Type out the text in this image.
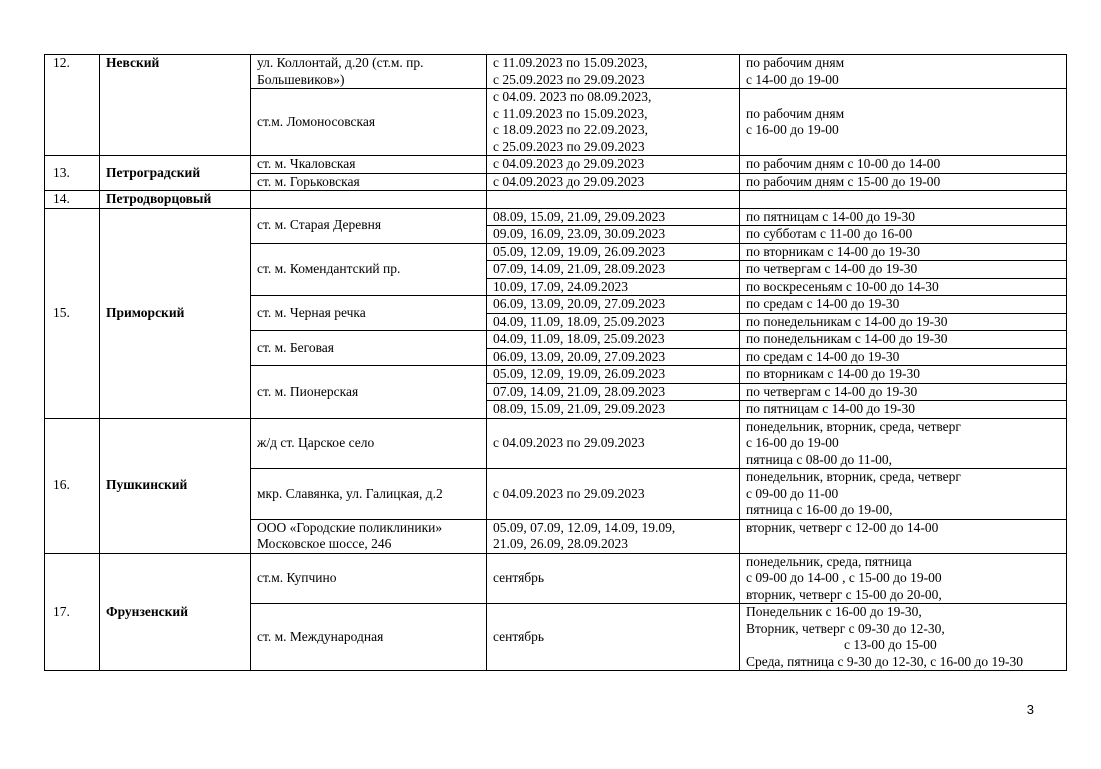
12.	Невский	ул. Коллонтай, д.20 (ст.м. пр.
Большевиков»)	с 11.09.2023 по 15.09.2023,
с 25.09.2023 по 29.09.2023	по рабочим дням
с 14-00 до 19-00

		ст.м. Ломоносовская	с 04.09. 2023 по 08.09.2023,
с 11.09.2023 по 15.09.2023,
с 18.09.2023 по 22.09.2023,
с 25.09.2023 по 29.09.2023	по рабочим дням
с 16-00 до 19-00

13.	Петроградский	ст. м. Чкаловская	с 04.09.2023 до 29.09.2023	по рабочим дням с 10-00 до 14-00
		ст. м. Горьковская	с 04.09.2023 до 29.09.2023	по рабочим дням с 15-00 до 19-00
14.	Петродворцовый			
15.	Приморский	ст. м. Старая Деревня	08.09, 15.09, 21.09, 29.09.2023	по пятницам с 14-00 до 19-30
			09.09, 16.09, 23.09, 30.09.2023	по субботам с 11-00 до 16-00
		ст. м. Комендантский пр.	05.09, 12.09, 19.09, 26.09.2023	по вторникам с 14-00 до 19-30
			07.09, 14.09, 21.09, 28.09.2023	по четвергам с 14-00 до 19-30
			10.09, 17.09, 24.09.2023	по воскресеньям с 10-00 до 14-30
		ст. м. Черная речка	06.09, 13.09, 20.09, 27.09.2023	по средам с 14-00 до 19-30
			04.09, 11.09, 18.09, 25.09.2023	по понедельникам с 14-00 до 19-30
		ст. м. Беговая	04.09, 11.09, 18.09, 25.09.2023	по понедельникам с 14-00 до 19-30
			06.09, 13.09, 20.09, 27.09.2023	по средам с 14-00 до 19-30
		ст. м. Пионерская	05.09, 12.09, 19.09, 26.09.2023	по вторникам с 14-00 до 19-30
			07.09, 14.09, 21.09, 28.09.2023	по четвергам с 14-00 до 19-30
			08.09, 15.09, 21.09, 29.09.2023	по пятницам с 14-00 до 19-30
16.	Пушкинский	ж/д ст. Царское село	с 04.09.2023 по 29.09.2023	понедельник, вторник, среда, четверг
с 16-00 до 19-00
пятница с 08-00 до 11-00,

		мкр. Славянка, ул. Галицкая, д.2	с 04.09.2023 по 29.09.2023	понедельник, вторник, среда, четверг
с 09-00 до 11-00
пятница с 16-00 до 19-00,

		ООО «Городские поликлиники»
Московское шоссе, 246	05.09, 07.09, 12.09, 14.09, 19.09,
21.09, 26.09, 28.09.2023	вторник, четверг с 12-00 до 14-00

17.	Фрунзенский	ст.м. Купчино	сентябрь	понедельник, среда, пятница
с 09-00 до 14-00 , с 15-00 до 19-00
вторник, четверг с 15-00 до 20-00,

		ст. м. Международная	сентябрь	Понедельник с 16-00 до 19-30,
Вторник, четверг с 09-30 до 12-30,
с 13-00 до 15-00
Среда, пятница с 9-30 до 12-30, с 16-00 до 19-30
3
